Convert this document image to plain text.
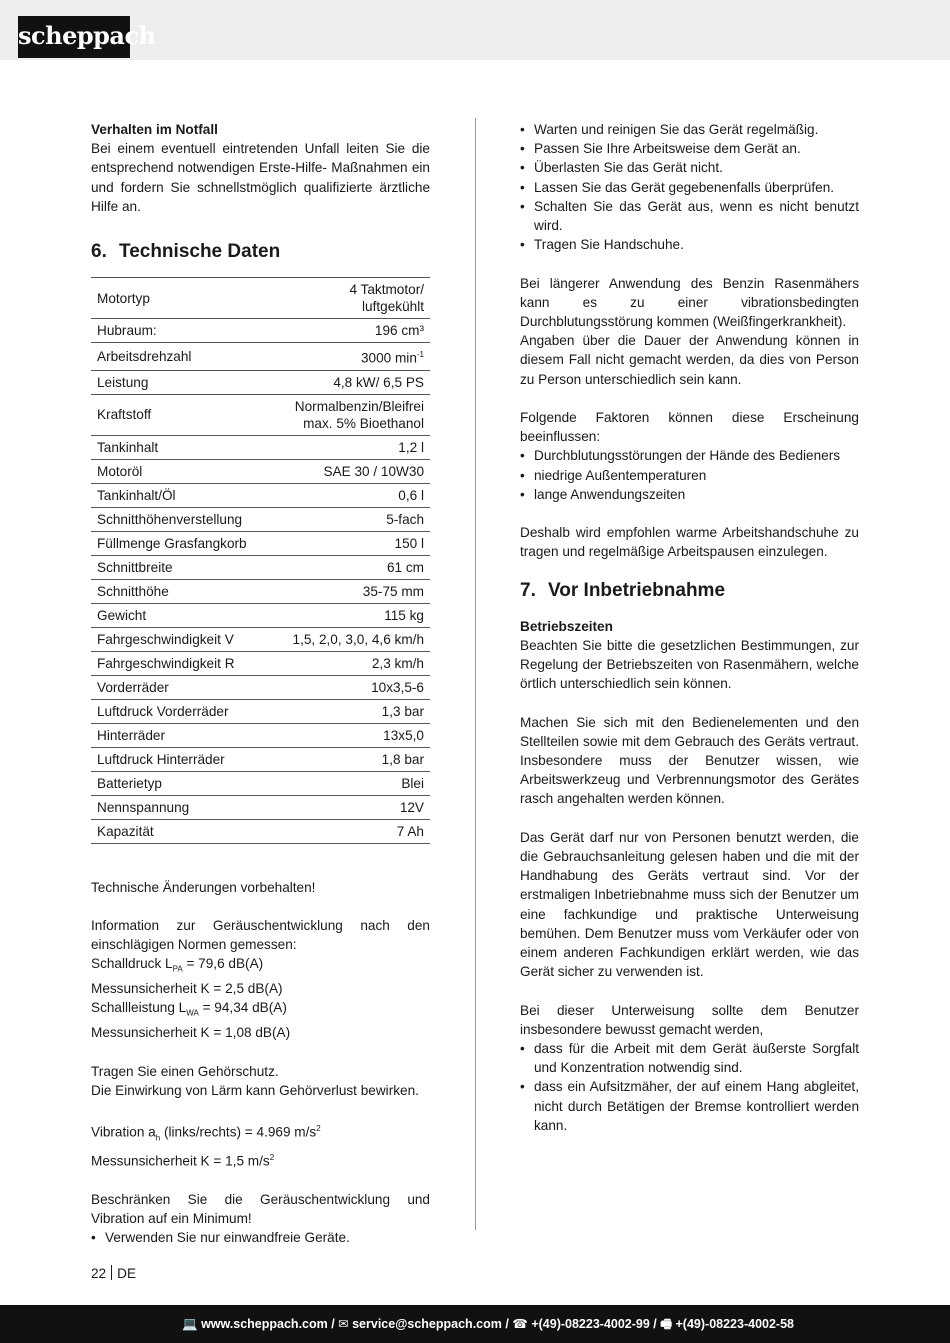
scheppach

Verhalten im Notfall

Bei einem eventuell eintretenden Unfall leiten Sie die entsprechend notwendigen Erste-Hilfe- Maßnahmen ein und fordern Sie schnellstmöglich qualifizierte ärztliche Hilfe an.

6. Technische Daten
Motortyp	4 Taktmotor/
luftgekühlt
Hubraum:	196 cm³
Arbeitsdrehzahl	3000 $\min^{-1}$
Leistung	4,8 kW/ 6,5 PS
Kraftstoff	Normalbenzin/Bleifrei
max. 5% Bioethanol
Tankinhalt	1,2 l
Motoröl	SAE 30 / 10W30
Tankinhalt/Öl	0,6 l
Schnitthöhenverstellung	5-fach
Füllmenge Grasfangkorb	150 l
Schnittbreite	61 cm
Schnitthöhe	35-75 mm
Gewicht	115 kg
Fahrgeschwindigkeit V	1,5, 2,0, 3,0, 4,6 km/h
Fahrgeschwindigkeit R	2,3 km/h
Vorderräder	10x3,5-6
Luftdruck Vorderräder	1,3 bar
Hinterräder	13x5,0
Luftdruck Hinterräder	1,8 bar
Batterietyp	Blei
Nennspannung	12V
Kapazität	7 Ah

Technische Änderungen vorbehalten!

Information zur Geräuschentwicklung nach den einschlägigen Normen gemessen:

Schalldruck $L_{PA} = 79,6$ dB(A)

Messunsicherheit K = 2,5 dB(A)

Schallleistung $L_{WA} = 94,34$ dB(A)

Messunsicherheit K = 1,08 dB(A)

Tragen Sie einen Gehörschutz.

Die Einwirkung von Lärm kann Gehörverlust bewirken.

Vibration $a_h$ (links/rechts) = 4.969 $m/s^2$

Messunsicherheit K = 1,5 $m/s^2$

Beschränken Sie die Geräuschentwicklung und Vibration auf ein Minimum!

• Verwenden Sie nur einwandfreie Geräte.
• Warten und reinigen Sie das Gerät regelmäßig.
• Passen Sie Ihre Arbeitsweise dem Gerät an.
• Überlasten Sie das Gerät nicht.
• Lassen Sie das Gerät gegebenenfalls überprüfen.
• Schalten Sie das Gerät aus, wenn es nicht benutzt wird.
• Tragen Sie Handschuhe.

Bei längerer Anwendung des Benzin Rasenmähers kann es zu einer vibrationsbedingten Durchblutungsstörung kommen (Weißfingerkrankheit).

Angaben über die Dauer der Anwendung können in diesem Fall nicht gemacht werden, da dies von Person zu Person unterschiedlich sein kann.

Folgende Faktoren können diese Erscheinung beeinflussen:

• Durchblutungsstörungen der Hände des Bedieners
• niedrige Außentemperaturen
• lange Anwendungszeiten

Deshalb wird empfohlen warme Arbeitshandschuhe zu tragen und regelmäßige Arbeitspausen einzulegen.

7. Vor Inbetriebnahme

Betriebszeiten

Beachten Sie bitte die gesetzlichen Bestimmungen, zur Regelung der Betriebszeiten von Rasenmähern, welche örtlich unterschiedlich sein können.

Machen Sie sich mit den Bedienelementen und den Stellteilen sowie mit dem Gebrauch des Geräts vertraut. Insbesondere muss der Benutzer wissen, wie Arbeitswerkzeug und Verbrennungsmotor des Gerätes rasch angehalten werden können.

Das Gerät darf nur von Personen benutzt werden, die die Gebrauchsanleitung gelesen haben und die mit der Handhabung des Geräts vertraut sind. Vor der erstmaligen Inbetriebnahme muss sich der Benutzer um eine fachkundige und praktische Unterweisung bemühen. Dem Benutzer muss vom Verkäufer oder von einem anderen Fachkundigen erklärt werden, wie das Gerät sicher zu verwenden ist.

Bei dieser Unterweisung sollte dem Benutzer insbesondere bewusst gemacht werden,

• dass für die Arbeit mit dem Gerät äußerste Sorgfalt und Konzentration notwendig sind.
• dass ein Aufsitzmäher, der auf einem Hang abgleitet, nicht durch Betätigen der Bremse kontrolliert werden kann.
22 DE
💻 www.scheppach.com / ✉ service@scheppach.com / ☎ +(49)-08223-4002-99 / 🖷 +(49)-08223-4002-58
